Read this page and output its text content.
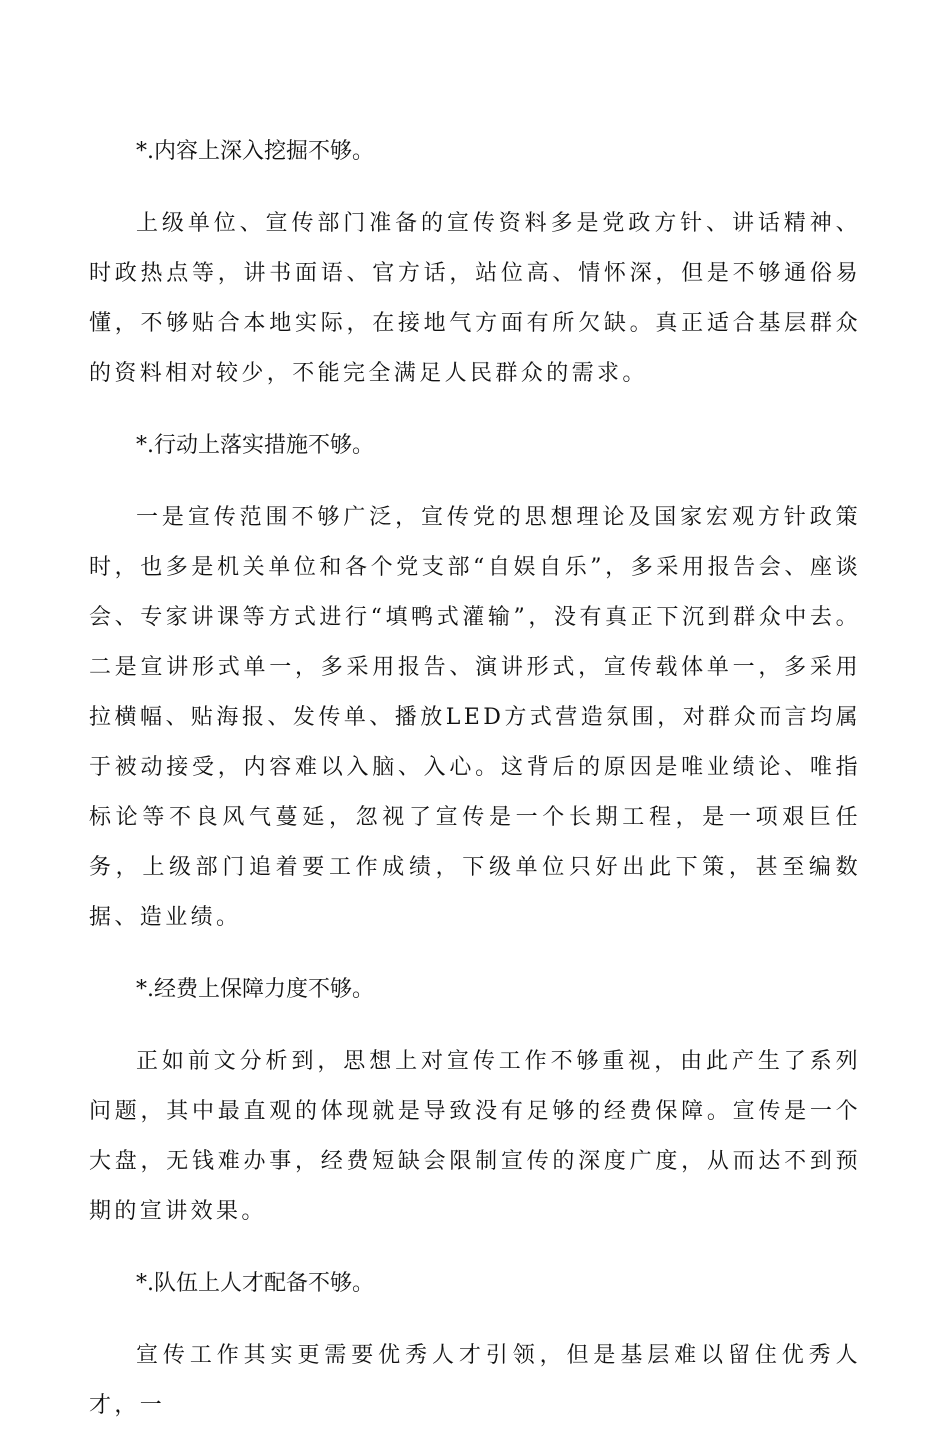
*.内容上深入挖掘不够。

上级单位、宣传部门准备的宣传资料多是党政方针、讲话精神、时政热点等，讲书面语、官方话，站位高、情怀深，但是不够通俗易懂，不够贴合本地实际，在接地气方面有所欠缺。真正适合基层群众的资料相对较少，不能完全满足人民群众的需求。

*.行动上落实措施不够。

一是宣传范围不够广泛，宣传党的思想理论及国家宏观方针政策时，也多是机关单位和各个党支部“自娱自乐”，多采用报告会、座谈会、专家讲课等方式进行“填鸭式灌输”，没有真正下沉到群众中去。二是宣讲形式单一，多采用报告、演讲形式，宣传载体单一，多采用拉横幅、贴海报、发传单、播放LED方式营造氛围，对群众而言均属于被动接受，内容难以入脑、入心。这背后的原因是唯业绩论、唯指标论等不良风气蔓延，忽视了宣传是一个长期工程，是一项艰巨任务，上级部门追着要工作成绩，下级单位只好出此下策，甚至编数据、造业绩。

*.经费上保障力度不够。

正如前文分析到，思想上对宣传工作不够重视，由此产生了系列问题，其中最直观的体现就是导致没有足够的经费保障。宣传是一个大盘，无钱难办事，经费短缺会限制宣传的深度广度，从而达不到预期的宣讲效果。

*.队伍上人才配备不够。

宣传工作其实更需要优秀人才引领，但是基层难以留住优秀人才，一
